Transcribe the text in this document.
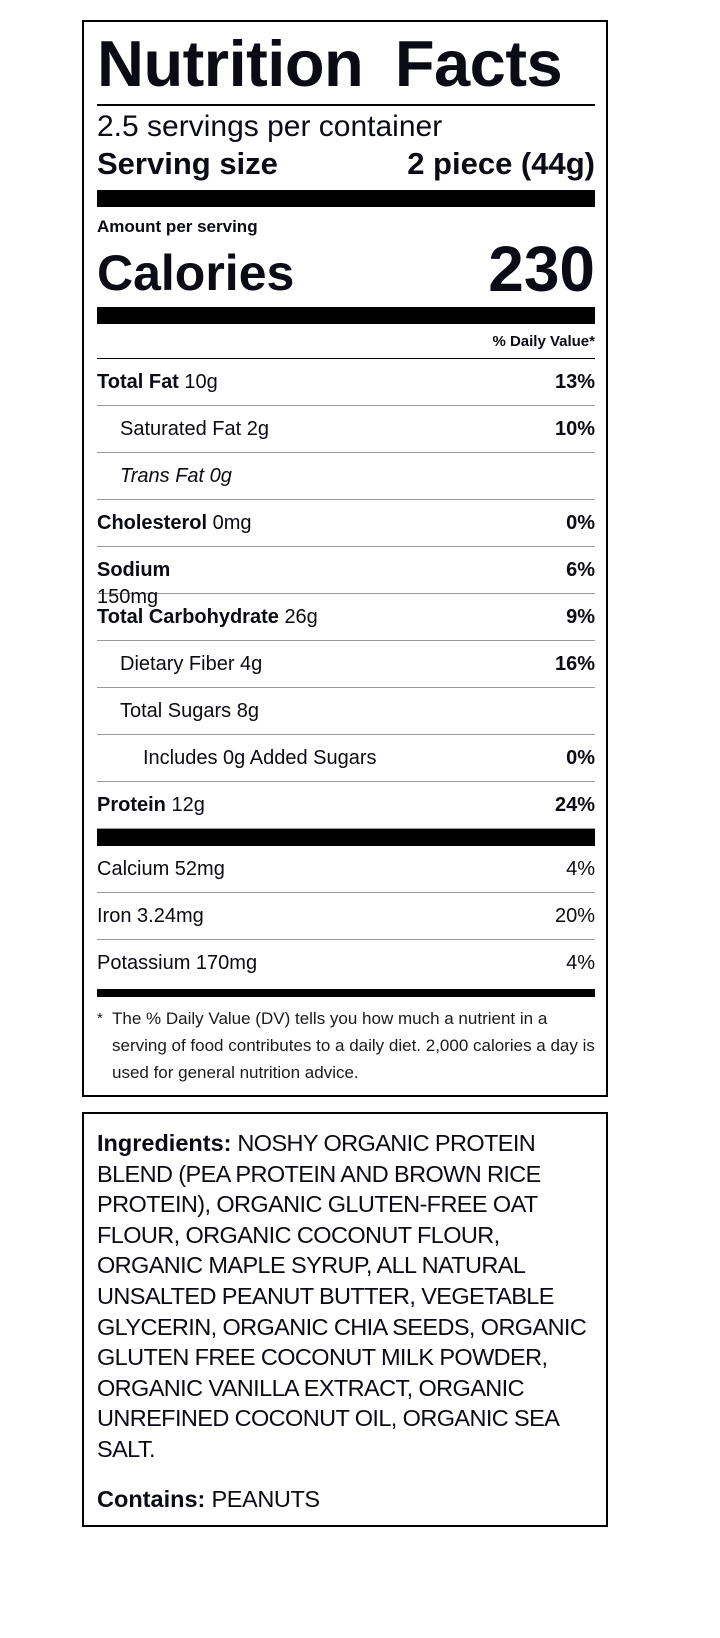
Nutrition Facts
2.5 servings per container
Serving size	2 piece (44g)
Amount per serving
Calories	230
% Daily Value*
Total Fat 10g	13%
Saturated Fat 2g	10%
Trans Fat 0g
Cholesterol 0mg	0%
Sodium	6%
150mg
Total Carbohydrate 26g	9%
Dietary Fiber 4g	16%
Total Sugars 8g
Includes 0g Added Sugars	0%
Protein 12g	24%
Calcium 52mg	4%
Iron 3.24mg	20%
Potassium 170mg	4%
* The % Daily Value (DV) tells you how much a nutrient in a serving of food contributes to a daily diet. 2,000 calories a day is used for general nutrition advice.
Ingredients: NOSHY ORGANIC PROTEIN BLEND (PEA PROTEIN AND BROWN RICE PROTEIN), ORGANIC GLUTEN-FREE OAT FLOUR, ORGANIC COCONUT FLOUR, ORGANIC MAPLE SYRUP, ALL NATURAL UNSALTED PEANUT BUTTER, VEGETABLE GLYCERIN, ORGANIC CHIA SEEDS, ORGANIC GLUTEN FREE COCONUT MILK POWDER, ORGANIC VANILLA EXTRACT, ORGANIC UNREFINED COCONUT OIL, ORGANIC SEA SALT.
Contains: PEANUTS
